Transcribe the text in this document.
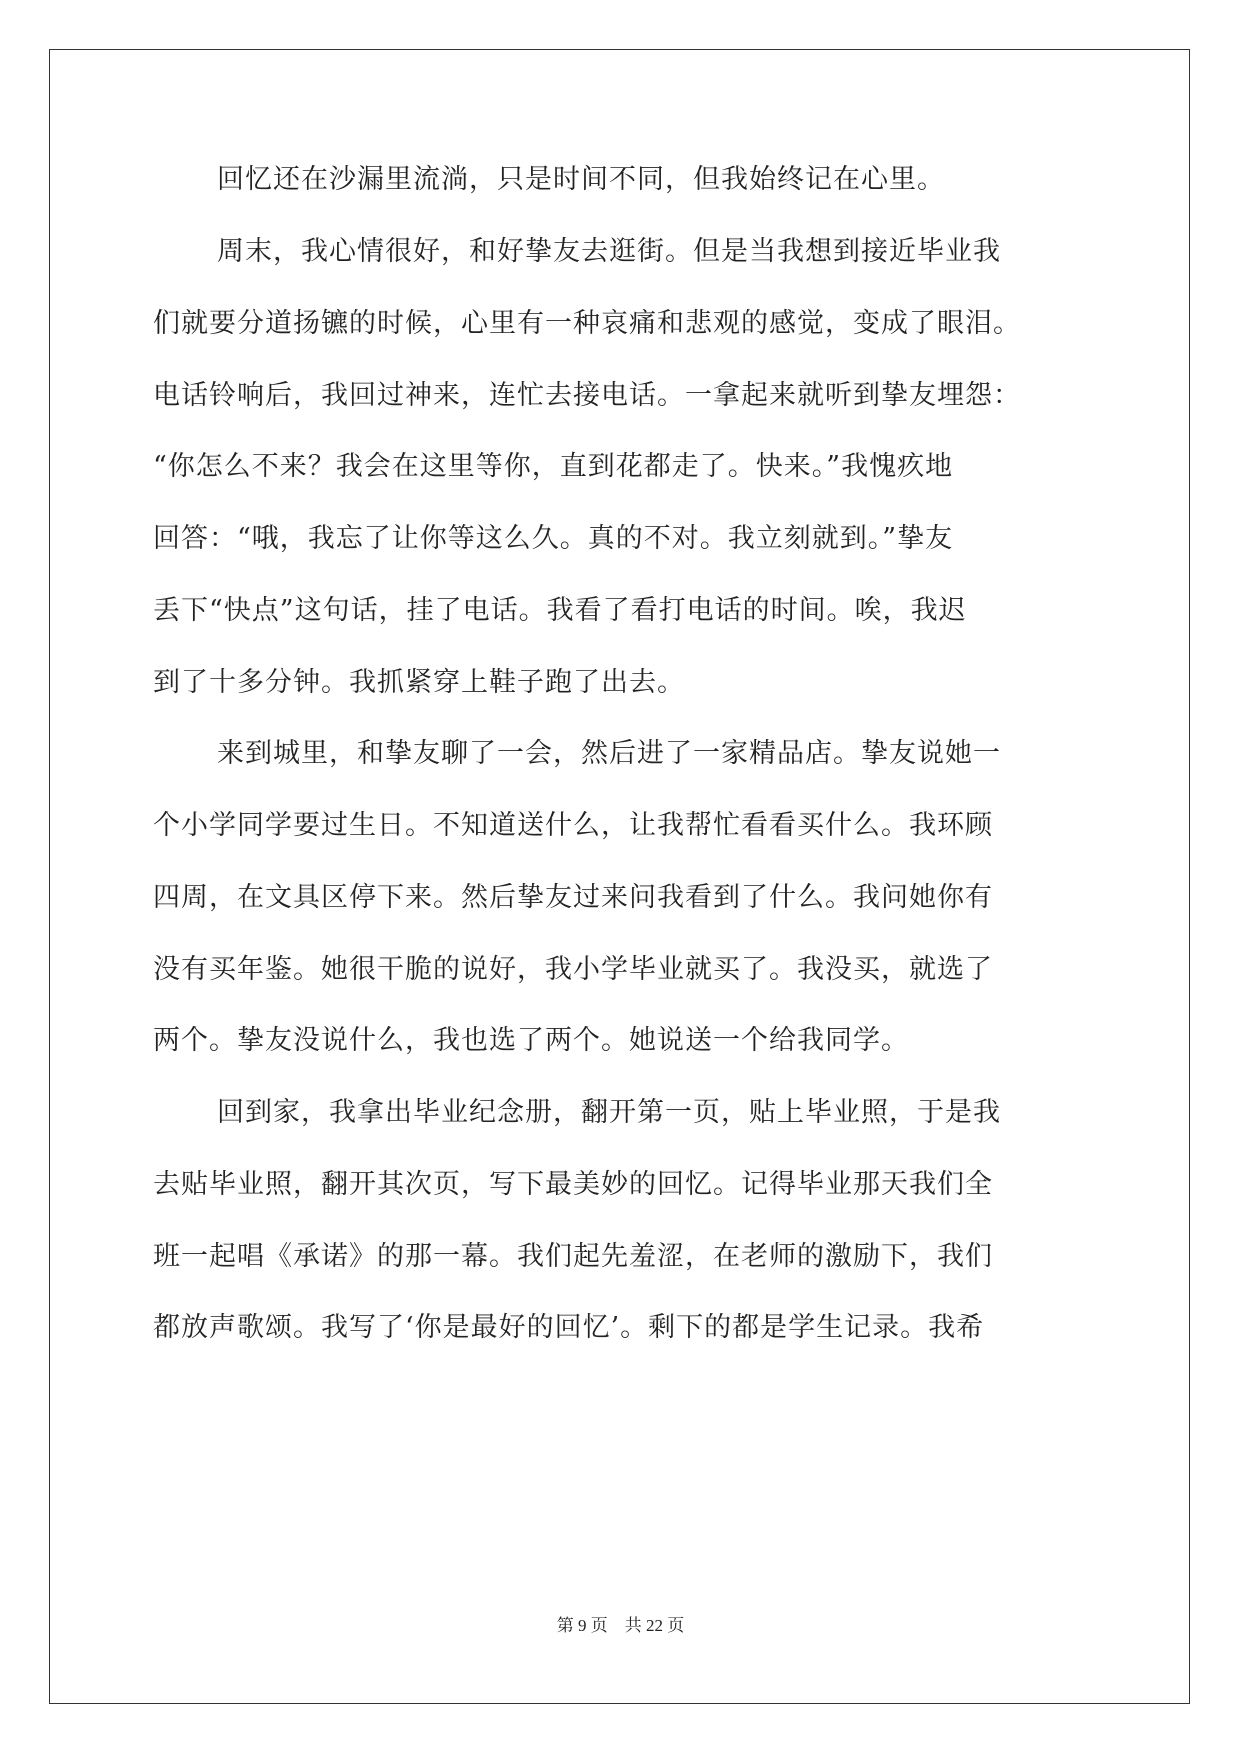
回忆还在沙漏里流淌，只是时间不同，但我始终记在心里。
周末，我心情很好，和好挚友去逛街。但是当我想到接近毕业我
们就要分道扬镳的时候，心里有一种哀痛和悲观的感觉，变成了眼泪。
电话铃响后，我回过神来，连忙去接电话。一拿起来就听到挚友埋怨：
“你怎么不来？我会在这里等你，直到花都走了。快来。”我愧疚地
回答：“哦，我忘了让你等这么久。真的不对。我立刻就到。”挚友
丢下“快点”这句话，挂了电话。我看了看打电话的时间。唉，我迟
到了十多分钟。我抓紧穿上鞋子跑了出去。
来到城里，和挚友聊了一会，然后进了一家精品店。挚友说她一
个小学同学要过生日。不知道送什么，让我帮忙看看买什么。我环顾
四周，在文具区停下来。然后挚友过来问我看到了什么。我问她你有
没有买年鉴。她很干脆的说好，我小学毕业就买了。我没买，就选了
两个。挚友没说什么，我也选了两个。她说送一个给我同学。
回到家，我拿出毕业纪念册，翻开第一页，贴上毕业照，于是我
去贴毕业照，翻开其次页，写下最美妙的回忆。记得毕业那天我们全
班一起唱《承诺》的那一幕。我们起先羞涩，在老师的激励下，我们
都放声歌颂。我写了‘你是最好的回忆’。剩下的都是学生记录。我希
第 9 页　共 22 页
